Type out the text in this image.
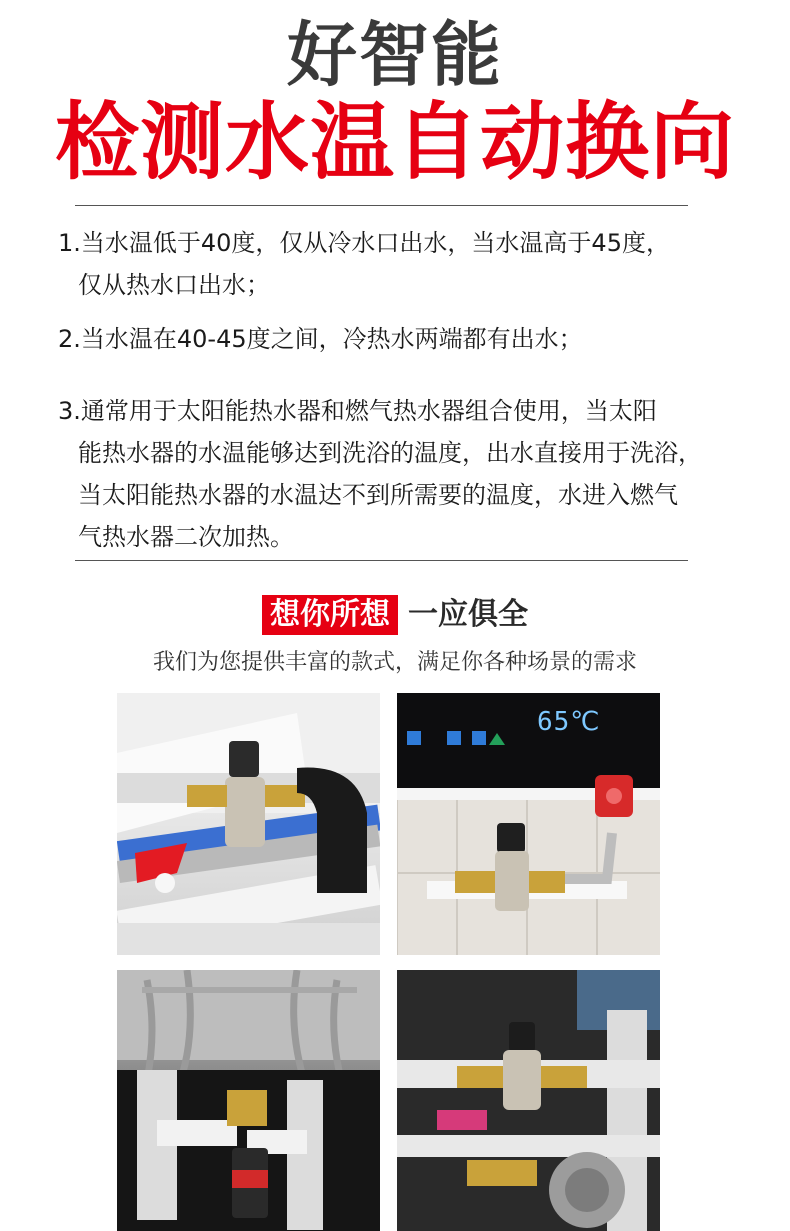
好智能
检测水温自动换向
1.当水温低于40度，仅从冷水口出水，当水温高于45度，
仅从热水口出水；
2.当水温在40-45度之间，冷热水两端都有出水；
3.通常用于太阳能热水器和燃气热水器组合使用，当太阳
能热水器的水温能够达到洗浴的温度，出水直接用于洗浴，
当太阳能热水器的水温达不到所需要的温度，水进入燃气
气热水器二次加热。
想你所想 一应俱全
我们为您提供丰富的款式，满足你各种场景的需求
65℃
